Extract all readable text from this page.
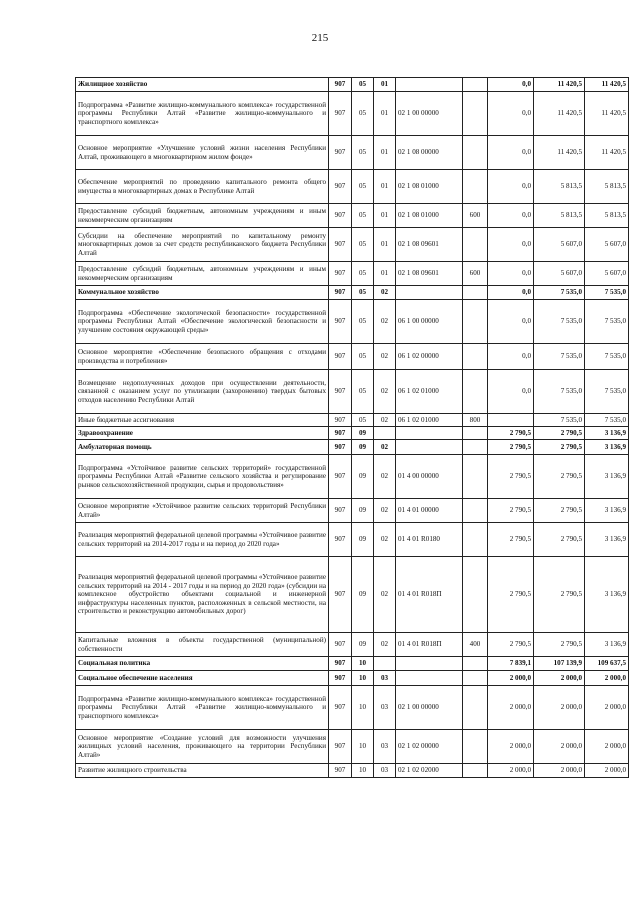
215
Жилищное хозяйство	907	05	01			0,0	11 420,5	11 420,5
Подпрограмма «Развитие жилищно-коммунального комплекса» государственной программы Республики Алтай «Развитие жилищно-коммунального и транспортного комплекса»	907	05	01	02 1 00 00000		0,0	11 420,5	11 420,5
Основное мероприятие «Улучшение условий жизни населения Республики Алтай, проживающего в многоквартирном жилом фонде»	907	05	01	02 1 08 00000		0,0	11 420,5	11 420,5
Обеспечение мероприятий по проведению капитального ремонта общего имущества в многоквартирных домах в Республике Алтай	907	05	01	02 1 08 01000		0,0	5 813,5	5 813,5
Предоставление субсидий бюджетным, автономным учреждениям и иным некоммерческим организациям	907	05	01	02 1 08 01000	600	0,0	5 813,5	5 813,5
Субсидии на обеспечение мероприятий по капитальному ремонту многоквартирных домов за счет средств республиканского бюджета Республики Алтай	907	05	01	02 1 08 09601		0,0	5 607,0	5 607,0
Предоставление субсидий бюджетным, автономным учреждениям и иным некоммерческим организациям	907	05	01	02 1 08 09601	600	0,0	5 607,0	5 607,0
Коммунальное хозяйство	907	05	02			0,0	7 535,0	7 535,0
Подпрограмма «Обеспечение экологической безопасности» государственной программы Республики Алтай «Обеспечение экологической безопасности и улучшение состояния окружающей среды»	907	05	02	06 1 00 00000		0,0	7 535,0	7 535,0
Основное мероприятие «Обеспечение безопасного обращения с отходами производства и потребления»	907	05	02	06 1 02 00000		0,0	7 535,0	7 535,0
Возмещение недополученных доходов при осуществлении деятельности, связанной с оказанием услуг по утилизации (захоронению) твердых бытовых отходов населению Республики Алтай	907	05	02	06 1 02 01000		0,0	7 535,0	7 535,0
Иные бюджетные ассигнования	907	05	02	06 1 02 01000	800		7 535,0	7 535,0
Здравоохранение	907	09				2 790,5	2 790,5	3 136,9
Амбулаторная помощь	907	09	02			2 790,5	2 790,5	3 136,9
Подпрограмма «Устойчивое развитие сельских территорий» государственной программы Республики Алтай «Развитие сельского хозяйства и регулирование рынков сельскохозяйственной продукции, сырья и продовольствия»	907	09	02	01 4 00 00000		2 790,5	2 790,5	3 136,9
Основное мероприятие «Устойчивое развитие сельских территорий Республики Алтай»	907	09	02	01 4 01 00000		2 790,5	2 790,5	3 136,9
Реализация мероприятий федеральной целевой программы «Устойчивое развитие сельских территорий на 2014-2017 годы и на период до 2020 года»	907	09	02	01 4 01 R0180		2 790,5	2 790,5	3 136,9
Реализация мероприятий федеральной целевой программы «Устойчивое развитие сельских территорий на 2014 - 2017 годы и на период до 2020 года» (субсидии на комплексное обустройство объектами социальной и инженерной инфраструктуры населенных пунктов, расположенных в сельской местности, на строительство и реконструкцию автомобильных дорог)	907	09	02	01 4 01 R018П		2 790,5	2 790,5	3 136,9
Капитальные вложения в объекты государственной (муниципальной) собственности	907	09	02	01 4 01 R018П	400	2 790,5	2 790,5	3 136,9
Социальная политика	907	10				7 839,1	107 139,9	109 637,5
Социальное обеспечение населения	907	10	03			2 000,0	2 000,0	2 000,0
Подпрограмма «Развитие жилищно-коммунального комплекса» государственной программы Республики Алтай «Развитие жилищно-коммунального и транспортного комплекса»	907	10	03	02 1 00 00000		2 000,0	2 000,0	2 000,0
Основное мероприятие «Создание условий для возможности улучшения жилищных условий населения, проживающего на территории Республики Алтай»	907	10	03	02 1 02 00000		2 000,0	2 000,0	2 000,0
Развитие жилищного строительства	907	10	03	02 1 02 02000		2 000,0	2 000,0	2 000,0
